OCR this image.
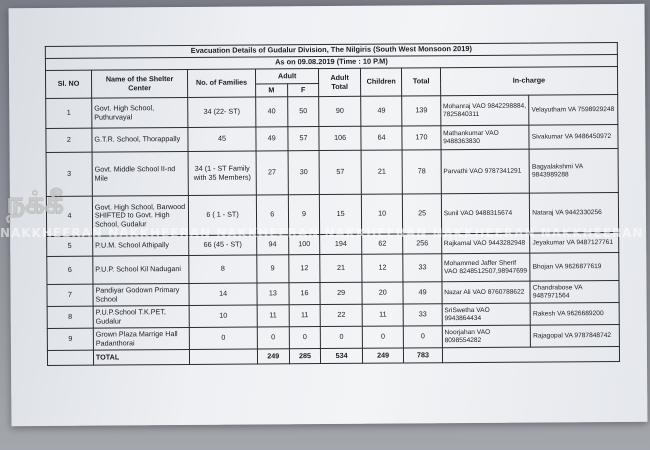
Evacuation Details of Gudalur Division, The Nilgiris (South West Monsoon 2019)									
As on 09.08.2019 (Time : 10 P.M)									
Sl. NO	Name of the Shelter Center	No. of Families	Adult		Adult Total	Children	Total	In-charge	
			M	F					
1	Govt. High School, Puthurvayal	34 (22- ST)	40	50	90	49	139	Mohanraj VAO 9842298884, 7825840311	Velayutham VA 7598929248
2	G.T.R. School, Thorappally	45	49	57	106	64	170	Mathankumar VAO 9488363830	Sivakumar VA 9486450972
3	Govt. Middle School II-nd Mile	34 (1 - ST Family with 35 Members)	27	30	57	21	78	Parvathi VAO 9787341291	Bagyalakshmi VA 9843989288
4	Govt. High School, Barwood SHIFTED to Govt. High School, Gudalur	6 ( 1 - ST)	6	9	15	10	25	Sunil VAO 9488315674	Nataraj VA 9442330256
5	P.U.M. School Athipally	66 (45 - ST)	94	100	194	62	256	Rajkamal VAO 9443282948	Jeyakumar VA 9487127761
6	P.U.P. School Kil Nadugani	8	9	12	21	12	33	Mohammed Jaffer Sherif VAO 8248512507,98947699	Bhojan VA 9626877619
7	Pandiyar Godown Primary School	14	13	16	29	20	49	Nazar Ali VAO 8760788622	Chandrabose VA 9487971564
8	P.U.P.School T.K.PET, Gudalur	10	11	11	22	11	33	SriSwetha VAO 9943864434	Rakesh VA 9626689200
9	Grown Plaza Marrige Hall Padanthorai	0	0	0	0	0	0	Noorjahan VAO 8098554282	Rajagopal VA 9787848742
	TOTAL		249	285	534	249	783		
நக்கீ
NAKKHEERAN NAKKHEERAN NAKKHEERAN NAKKHEERAN NAKKHEERAN NAKKHEERAN
